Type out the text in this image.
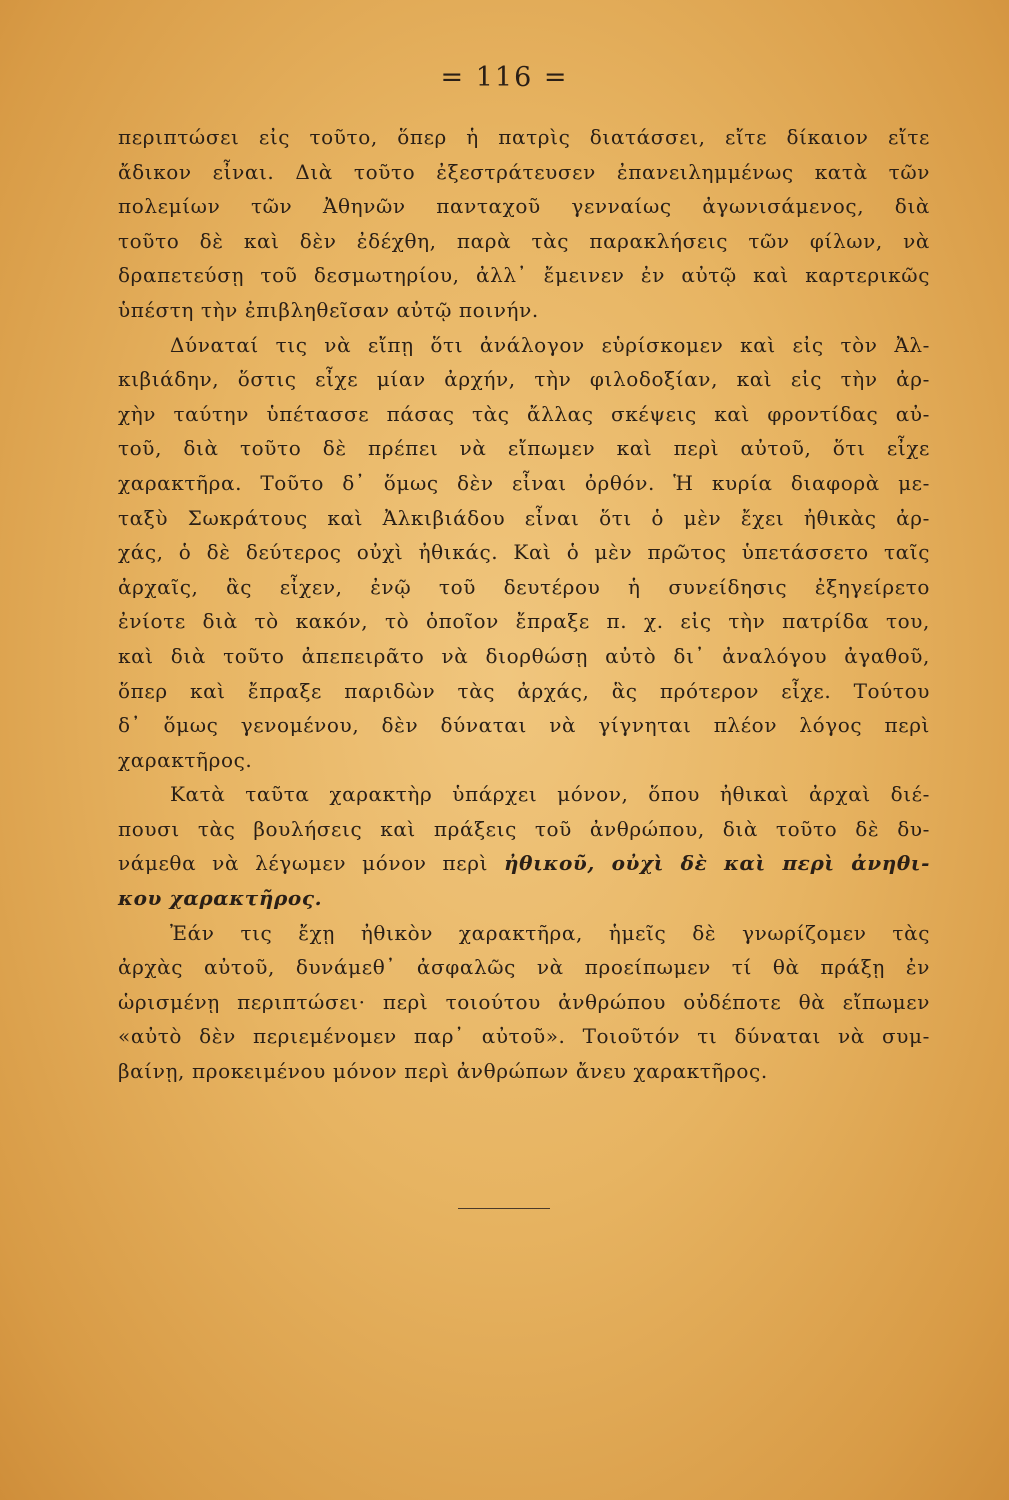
= 116 =
περιπτώσει εἰς τοῦτο, ὅπερ ἡ πατρὶς διατάσσει, εἴτε δίκαιον εἴτε
ἄδικον εἶναι. Διὰ τοῦτο ἐξεστράτευσεν ἐπανειλημμένως κατὰ τῶν
πολεμίων τῶν Ἀθηνῶν πανταχοῦ γενναίως ἀγωνισάμενος, διὰ
τοῦτο δὲ καὶ δὲν ἐδέχθη, παρὰ τὰς παρακλήσεις τῶν φίλων, νὰ
δραπετεύσῃ τοῦ δεσμωτηρίου, ἀλλ᾽ ἔμεινεν ἐν αὐτῷ καὶ καρτερικῶς
ὑπέστη τὴν ἐπιβληθεῖσαν αὐτῷ ποινήν.
Δύναταί τις νὰ εἴπῃ ὅτι ἀνάλογον εὑρίσκομεν καὶ εἰς τὸν Ἀλ-
κιβιάδην, ὅστις εἶχε μίαν ἀρχήν, τὴν φιλοδοξίαν, καὶ εἰς τὴν ἀρ-
χὴν ταύτην ὑπέτασσε πάσας τὰς ἄλλας σκέψεις καὶ φροντίδας αὐ-
τοῦ, διὰ τοῦτο δὲ πρέπει νὰ εἴπωμεν καὶ περὶ αὐτοῦ, ὅτι εἶχε
χαρακτῆρα. Τοῦτο δ᾽ ὅμως δὲν εἶναι ὀρθόν. Ἡ κυρία διαφορὰ με-
ταξὺ Σωκράτους καὶ Ἀλκιβιάδου εἶναι ὅτι ὁ μὲν ἔχει ἠθικὰς ἀρ-
χάς, ὁ δὲ δεύτερος οὐχὶ ἠθικάς. Καὶ ὁ μὲν πρῶτος ὑπετάσσετο ταῖς
ἀρχαῖς, ἃς εἶχεν, ἐνῷ τοῦ δευτέρου ἡ συνείδησις ἐξηγείρετο
ἐνίοτε διὰ τὸ κακόν, τὸ ὁποῖον ἔπραξε π. χ. εἰς τὴν πατρίδα του,
καὶ διὰ τοῦτο ἀπεπειρᾶτο νὰ διορθώσῃ αὐτὸ δι᾽ ἀναλόγου ἀγαθοῦ,
ὅπερ καὶ ἔπραξε παριδὼν τὰς ἀρχάς, ἃς πρότερον εἶχε. Τούτου
δ᾽ ὅμως γενομένου, δὲν δύναται νὰ γίγνηται πλέον λόγος περὶ
χαρακτῆρος.
Κατὰ ταῦτα χαρακτὴρ ὑπάρχει μόνον, ὅπου ἠθικαὶ ἀρχαὶ διέ-
πουσι τὰς βουλήσεις καὶ πράξεις τοῦ ἀνθρώπου, διὰ τοῦτο δὲ δυ-
νάμεθα νὰ λέγωμεν μόνον περὶ ἠθικοῦ, οὐχὶ δὲ καὶ περὶ ἀνηθι-
κου χαρακτῆρος.
Ἐάν τις ἔχῃ ἠθικὸν χαρακτῆρα, ἡμεῖς δὲ γνωρίζομεν τὰς
ἀρχὰς αὐτοῦ, δυνάμεθ᾽ ἀσφαλῶς νὰ προείπωμεν τί θὰ πράξῃ ἐν
ὡρισμένῃ περιπτώσει· περὶ τοιούτου ἀνθρώπου οὐδέποτε θὰ εἴπωμεν
«αὐτὸ δὲν περιεμένομεν παρ᾽ αὐτοῦ». Τοιοῦτόν τι δύναται νὰ συμ-
βαίνῃ, προκειμένου μόνον περὶ ἀνθρώπων ἄνευ χαρακτῆρος.
